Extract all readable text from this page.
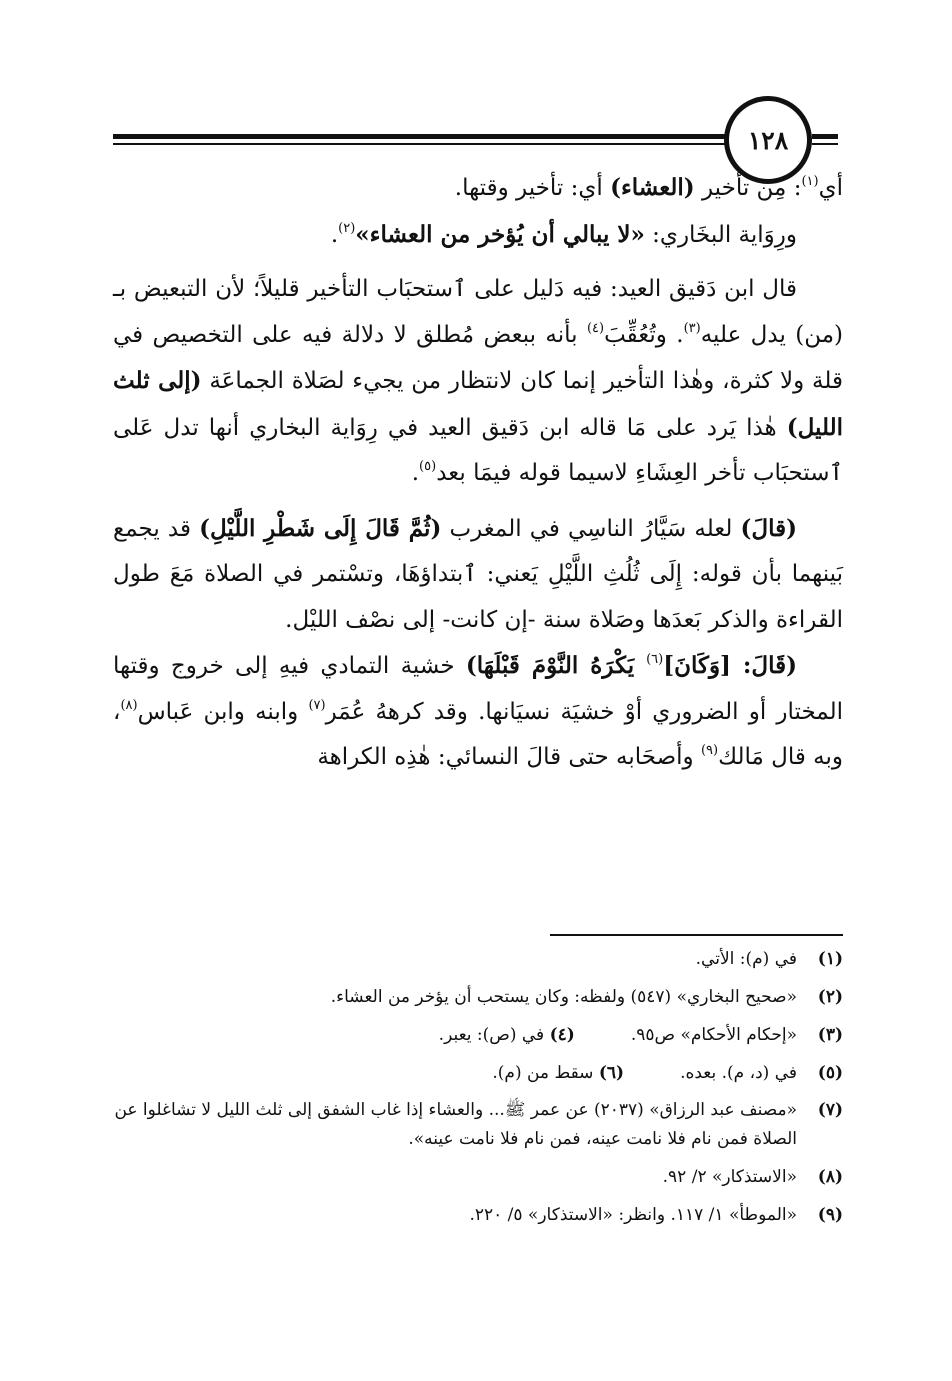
١٢٨

أي$^{(١)}$: مِن تأخير (العشاء) أي: تأخير وقتها.

ورِوَاية البخَاري: «لا يبالي أن يُؤخر من العشاء»$^{(٢)}$.

قال ابن دَقيق العيد: فيه دَليل على ٱستحبَاب التأخير قليلاً؛ لأن التبعيض بـ (من) يدل عليه$^{(٣)}$. وتُعُقِّبَ$^{(٤)}$ بأنه ببعض مُطلق لا دلالة فيه على التخصيص في قلة ولا كثرة، وهٰذا التأخير إنما كان لانتظار من يجيء لصَلاة الجماعَة (إلى ثلث الليل) هٰذا يَرد على مَا قاله ابن دَقيق العيد في رِوَاية البخاري أنها تدل عَلى ٱستحبَاب تأخر العِشَاءِ لاسيما قوله فيمَا بعد$^{(٥)}$.

(قالَ) لعله سَيَّارُ الناسِي في المغرب (ثُمَّ قَالَ إِلَى شَطْرِ اللَّيْلِ) قد يجمع بَينهما بأن قوله: إِلَى ثُلُثِ اللَّيْلِ يَعني: ٱبتداؤهَا، وتسْتمر في الصلاة مَعَ طول القراءة والذكر بَعدَها وصَلاة سنة -إن كانت- إلى نصْف الليْل.

(قَالَ: [وَكَانَ]$^{(٦)}$ يَكْرَهُ النَّوْمَ قَبْلَهَا) خشية التمادي فيهِ إلى خروج وقتها المختار أو الضروري أوْ خشيَة نسيَانها. وقد كرههُ عُمَر$^{(٧)}$ وابنه وابن عَباس$^{(٨)}$، وبه قال مَالك$^{(٩)}$ وأصحَابه حتى قالَ النسائي: هٰذِه الكراهة

(١)
في (م): الأتي.

(٢)
«صحيح البخاري» (٥٤٧) ولفظه: وكان يستحب أن يؤخر من العشاء.

(٣)
«إحكام الأحكام» ص٩٥.(٤) في (ص): يعبر.

(٥)
في (د، م). بعده.(٦) سقط من (م).

(٧)
«مصنف عبد الرزاق» (٢٠٣٧) عن عمر ﷺ... والعشاء إذا غاب الشفق إلى ثلث الليل لا تشاغلوا عن الصلاة فمن نام فلا نامت عينه، فمن نام فلا نامت عينه».

(٨)
«الاستذكار» ٢/ ٩٢.

(٩)
«الموطأ» ١/ ١١٧. وانظر: «الاستذكار» ٥/ ٢٢٠.
